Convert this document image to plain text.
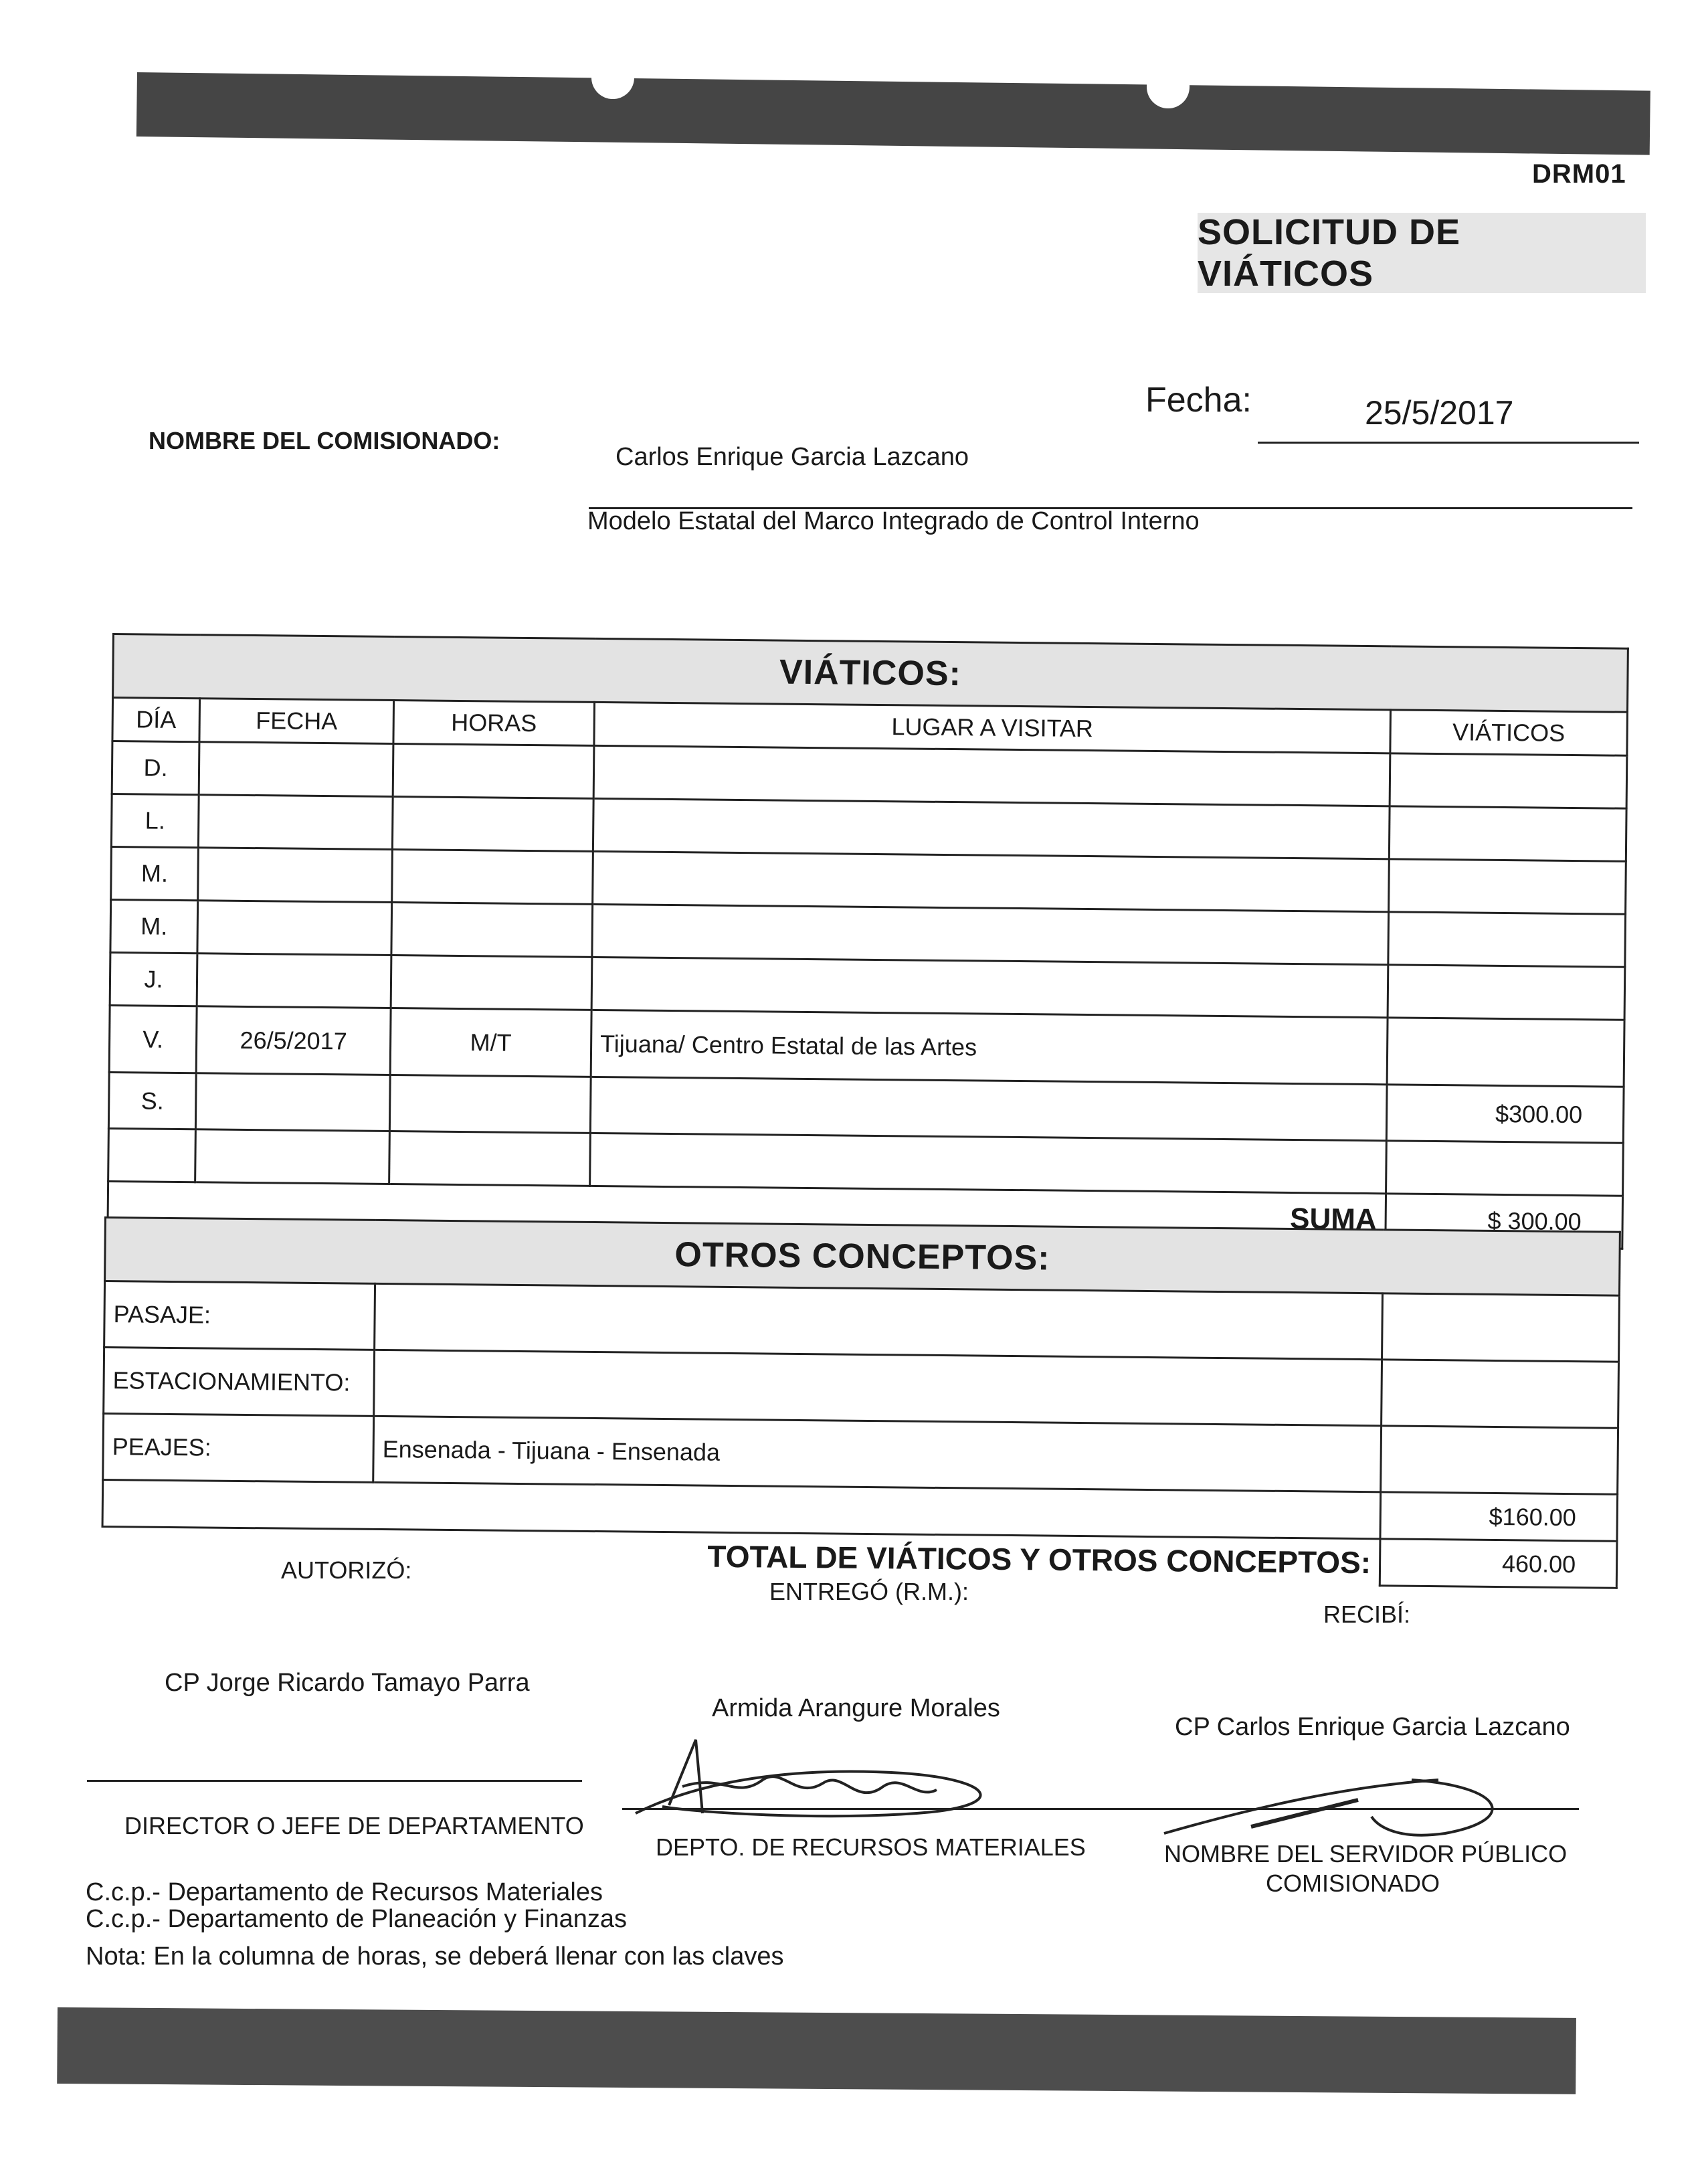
DRM01
SOLICITUD DE VIÁTICOS
Fecha:	25/5/2017
NOMBRE DEL COMISIONADO:
Carlos Enrique Garcia Lazcano
Modelo Estatal del Marco Integrado de Control Interno
VIÁTICOS:				
DÍA	FECHA	HORAS	LUGAR A VISITAR	VIÁTICOS
D.				
L.				
M.				
M.				
J.				
V.	26/5/2017	M/T	Tijuana/ Centro Estatal de las Artes	
S.				$300.00

SUMA				$ 300.00
OTROS CONCEPTOS:		
PASAJE:		
ESTACIONAMIENTO:		
PEAJES:	Ensenada - Tijuana - Ensenada	
		$160.00
TOTAL DE VIÁTICOS Y OTROS CONCEPTOS:		460.00
AUTORIZÓ:
ENTREGÓ (R.M.):
RECIBÍ:
CP Jorge Ricardo Tamayo Parra
Armida Arangure Morales
CP Carlos Enrique Garcia Lazcano
DIRECTOR O JEFE DE DEPARTAMENTO
DEPTO. DE RECURSOS MATERIALES	NOMBRE DEL SERVIDOR PÚBLICO
COMISIONADO
C.c.p.- Departamento de Recursos Materiales
C.c.p.- Departamento de Planeación y Finanzas
Nota: En la columna de horas, se deberá llenar con las claves
